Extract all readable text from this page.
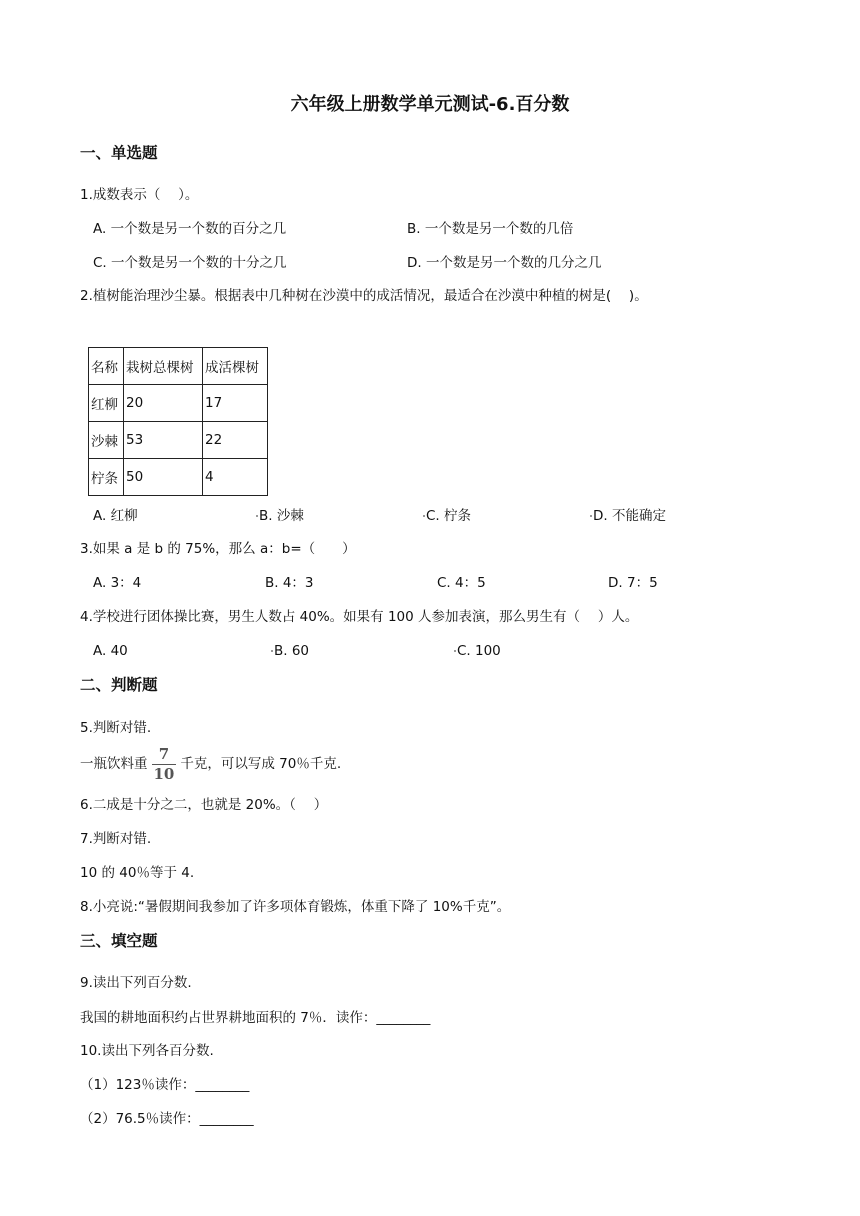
六年级上册数学单元测试-6.百分数
一、单选题
1.成数表示（　 ）。
A. 一个数是另一个数的百分之几	B. 一个数是另一个数的几倍
C. 一个数是另一个数的十分之几	D. 一个数是另一个数的几分之几
2.植树能治理沙尘暴。根据表中几种树在沙漠中的成活情况，最适合在沙漠中种植的树是(　 )。
名称	栽树总棵树	成活棵树
红柳	20	17
沙棘	53	22
柠条	50	4
A. 红柳	B. 沙棘	C. 柠条	D. 不能确定
3.如果 a 是 b 的 75%，那么 a：b=（　　）
A. 3：4	B. 4：3	C. 4：5	D. 7：5
4.学校进行团体操比赛，男生人数占 40%。如果有 100 人参加表演，那么男生有（　 ）人。
A. 40	B. 60	C. 100
二、判断题
5.判断对错.
一瓶饮料重 $\frac{7}{10}$ 千克，可以写成 70％千克.
6.二成是十分之二，也就是 20%。（　 ）
7.判断对错.
10 的 40％等于 4.
8.小亮说:“暑假期间我参加了许多项体育锻炼，体重下降了 10%千克”。
三、填空题
9.读出下列百分数.
我国的耕地面积约占世界耕地面积的 7％．读作：________
10.读出下列各百分数.
（1）123％读作：________
（2）76.5％读作：________
